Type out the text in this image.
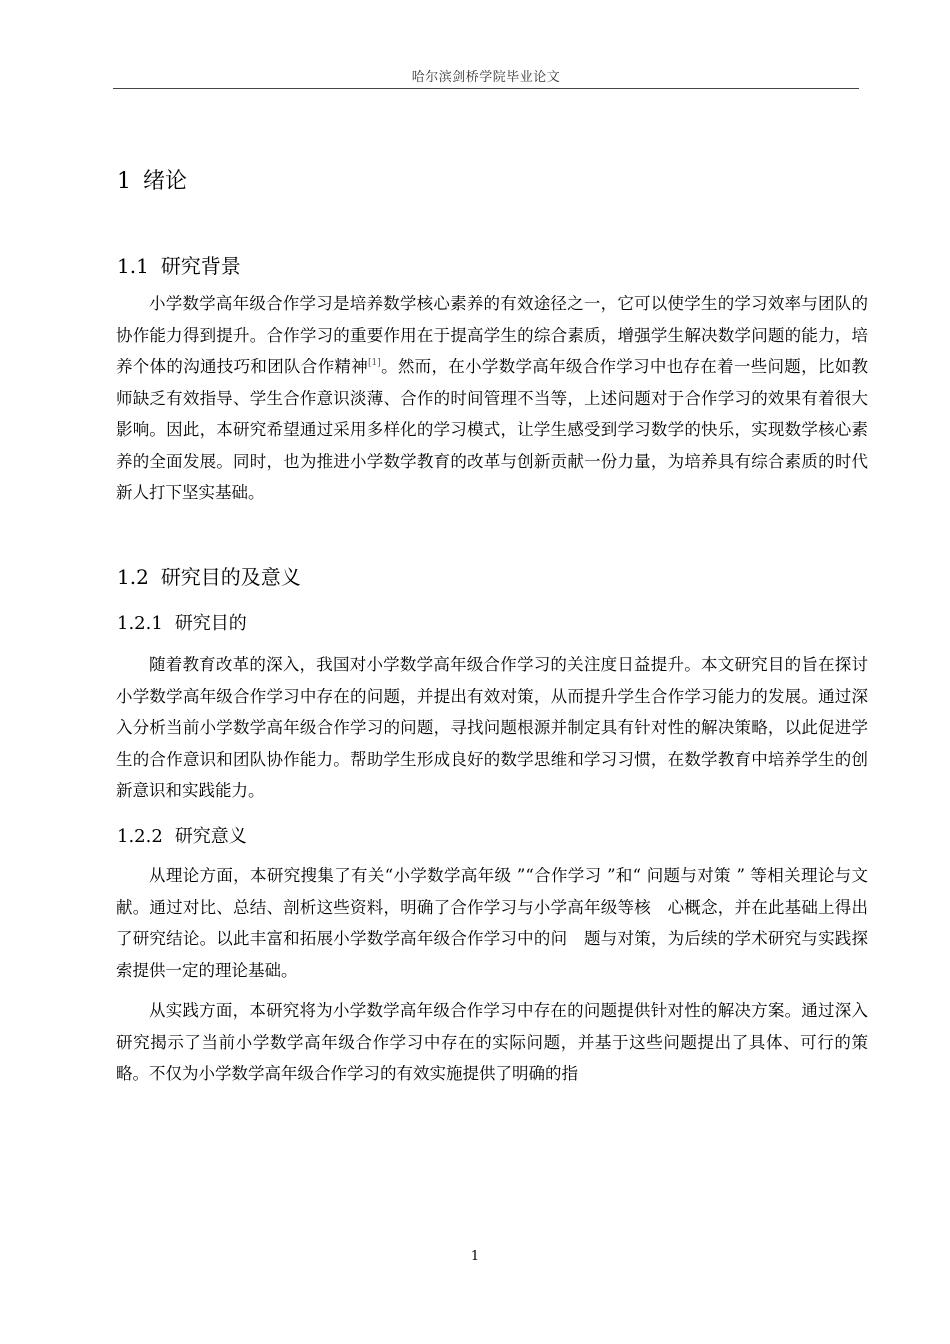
哈尔滨剑桥学院毕业论文
1 绪论
1.1 研究背景
小学数学高年级合作学习是培养数学核心素养的有效途径之一，它可以使学生的学习效率与团队的协作能力得到提升。合作学习的重要作用在于提高学生的综合素质，增强学生解决数学问题的能力，培养个体的沟通技巧和团队合作精神[1]。然而，在小学数学高年级合作学习中也存在着一些问题，比如教师缺乏有效指导、学生合作意识淡薄、合作的时间管理不当等，上述问题对于合作学习的效果有着很大影响。因此，本研究希望通过采用多样化的学习模式，让学生感受到学习数学的快乐，实现数学核心素养的全面发展。同时，也为推进小学数学教育的改革与创新贡献一份力量，为培养具有综合素质的时代新人打下坚实基础。
1.2 研究目的及意义
1.2.1 研究目的
随着教育改革的深入，我国对小学数学高年级合作学习的关注度日益提升。本文研究目的旨在探讨小学数学高年级合作学习中存在的问题，并提出有效对策，从而提升学生合作学习能力的发展。通过深入分析当前小学数学高年级合作学习的问题，寻找问题根源并制定具有针对性的解决策略，以此促进学生的合作意识和团队协作能力。帮助学生形成良好的数学思维和学习习惯，在数学教育中培养学生的创新意识和实践能力。
1.2.2 研究意义
从理论方面，本研究搜集了有关“小学数学高年级 ”“合作学习 ”和“ 问题与对策 ” 等相关理论与文献。通过对比、总结、剖析这些资料，明确了合作学习与小学高年级等核　心概念，并在此基础上得出了研究结论。以此丰富和拓展小学数学高年级合作学习中的问　题与对策，为后续的学术研究与实践探索提供一定的理论基础。
从实践方面，本研究将为小学数学高年级合作学习中存在的问题提供针对性的解决方案。通过深入研究揭示了当前小学数学高年级合作学习中存在的实际问题，并基于这些问题提出了具体、可行的策略。不仅为小学数学高年级合作学习的有效实施提供了明确的指
1
